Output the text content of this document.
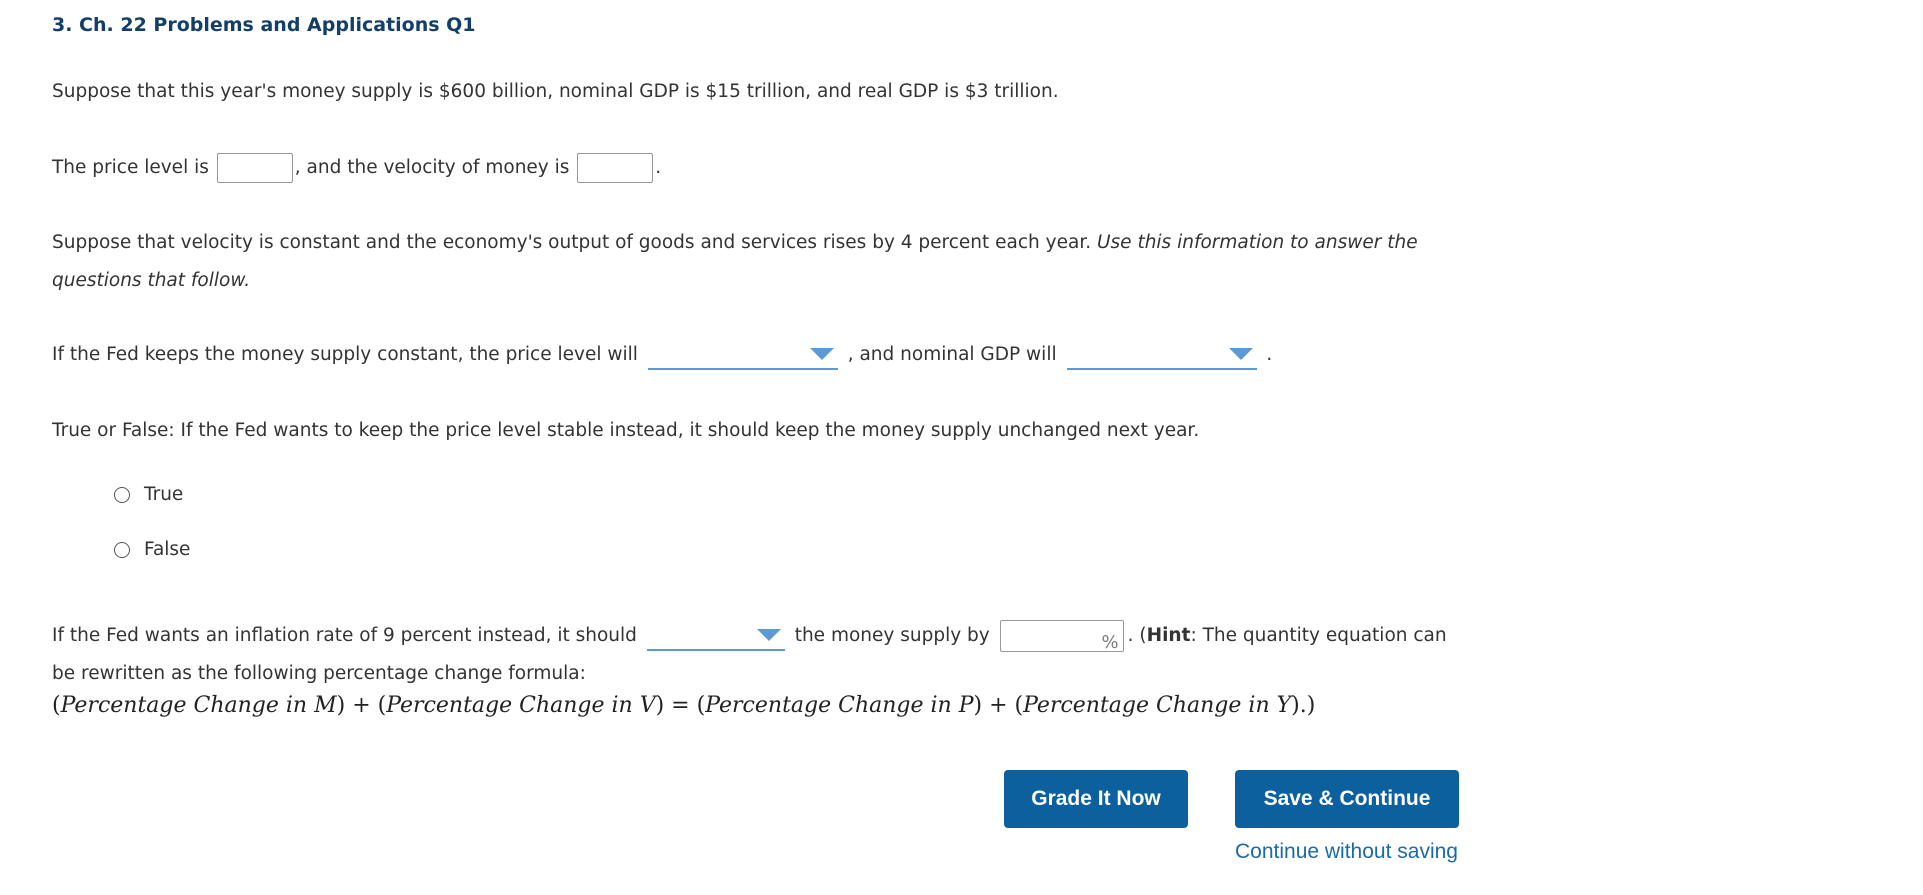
3. Ch. 22 Problems and Applications Q1
Suppose that this year's money supply is $600 billion, nominal GDP is $15 trillion, and real GDP is $3 trillion.
The price level is	, and the velocity of money is	.
Suppose that velocity is constant and the economy's output of goods and services rises by 4 percent each year. Use this information to answer the
questions that follow.
If the Fed keeps the money supply constant, the price level will	, and nominal GDP will	.
True or False: If the Fed wants to keep the price level stable instead, it should keep the money supply unchanged next year.
True
False
If the Fed wants an inflation rate of 9 percent instead, it should	the money supply by	% . (Hint: The quantity equation can
be rewritten as the following percentage change formula:
(Percentage Change in M) + (Percentage Change in V) = (Percentage Change in P) + (Percentage Change in Y).)
Grade It Now	Save & Continue
Continue without saving
